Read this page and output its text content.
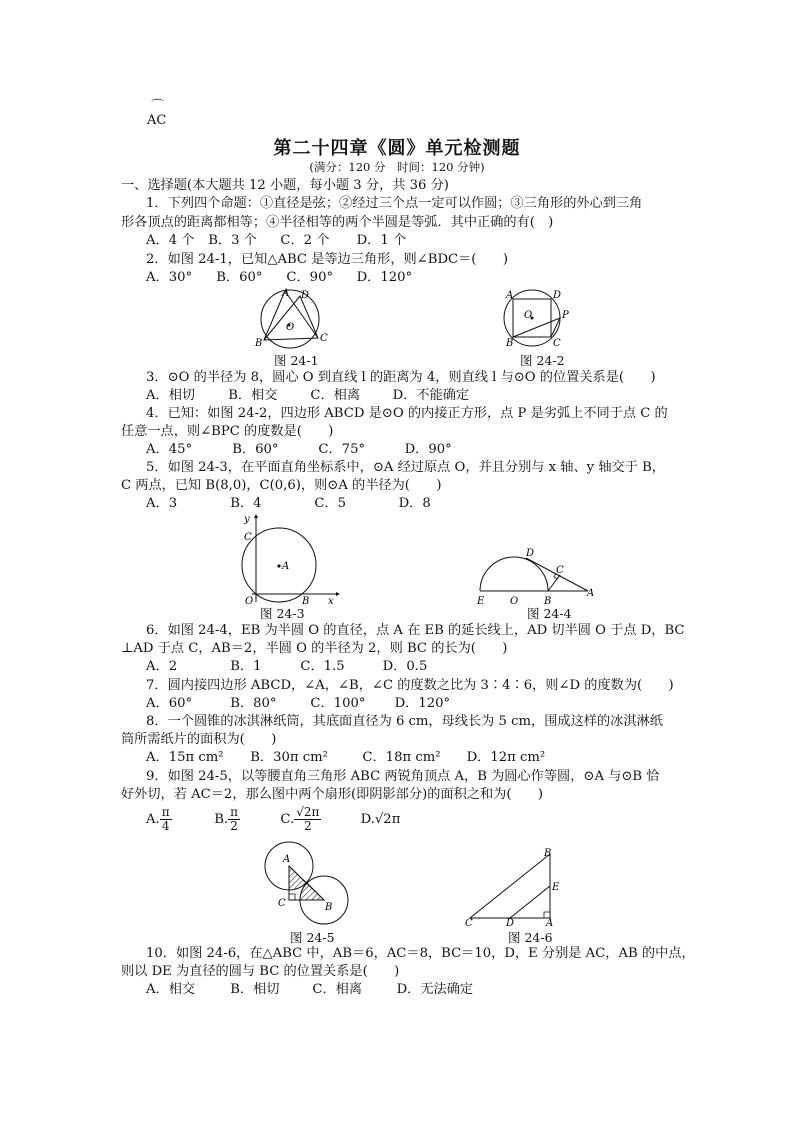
⌒
AC
第二十四章《圆》单元检测题
(满分：120 分　时间：120 分钟)
一、选择题(本大题共 12 小题，每小题 3 分，共 36 分)
1．下列四个命题：①直径是弦；②经过三个点一定可以作圆；③三角形的外心到三角
形各顶点的距离都相等；④半径相等的两个半圆是等弧．其中正确的有(　)
A．4 个 B．3 个 C．2 个 D．1 个
2．如图 24-1，已知△ABC 是等边三角形，则∠BDC＝(　　)
A．30° B．60° C．90° D．120°
A D
O
B	C
图 24-1
A	D
O	P
B	C
图 24-2
3．⊙O 的半径为 8，圆心 O 到直线 l 的距离为 4，则直线 l 与⊙O 的位置关系是(　　)
A．相切	B．相交 C．相离 D．不能确定
4．已知：如图 24-2，四边形 ABCD 是⊙O 的内接正方形，点 P 是劣弧上不同于点 C 的
任意一点，则∠BPC 的度数是(　　)
A．45°	B．60°	C．75°	D．90°
5．如图 24-3，在平面直角坐标系中，⊙A 经过原点 O，并且分别与 x 轴、y 轴交于 B，
C 两点，已知 B(8,0)，C(0,6)，则⊙A 的半径为(　　)
A．3	B．4	C．5	D．8
y
C
A
O	B x
图 24-3
D
C
E	O	B
A
图 24-4
6．如图 24-4，EB 为半圆 O 的直径，点 A 在 EB 的延长线上，AD 切半圆 O 于点 D，BC
⊥AD 于点 C，AB＝2，半圆 O 的半径为 2，则 BC 的长为(　　)
A．2	B．1	C．1.5	D．0.5
7．圆内接四边形 ABCD，∠A，∠B，∠C 的度数之比为 3∶4∶6，则∠D 的度数为(　　)
A．60°	B．80°	C．100° D．120°
8．一个圆锥的冰淇淋纸筒，其底面直径为 6 cm，母线长为 5 cm，围成这样的冰淇淋纸
筒所需纸片的面积为(　　)
A．15π cm² B．30π cm²	C．18π cm² D．12π cm²
9．如图 24-5，以等腰直角三角形 ABC 两锐角顶点 A，B 为圆心作等圆，⊙A 与⊙B 恰
好外切，若 AC＝2，那么图中两个扇形(即阴影部分)的面积之和为(　　)
A. $\frac{\pi}{4}$	B. $\frac{\pi}{2}$	C. $\frac{√2\pi}{2}$	D.√2π
A
C	B
图 24-5
B
E
C	D	A
图 24-6
10．如图 24-6，在△ABC 中，AB＝6，AC＝8，BC＝10，D，E 分别是 AC，AB 的中点，
则以 DE 为直径的圆与 BC 的位置关系是(　　)
A．相交	B．相切 C．相离	D．无法确定
